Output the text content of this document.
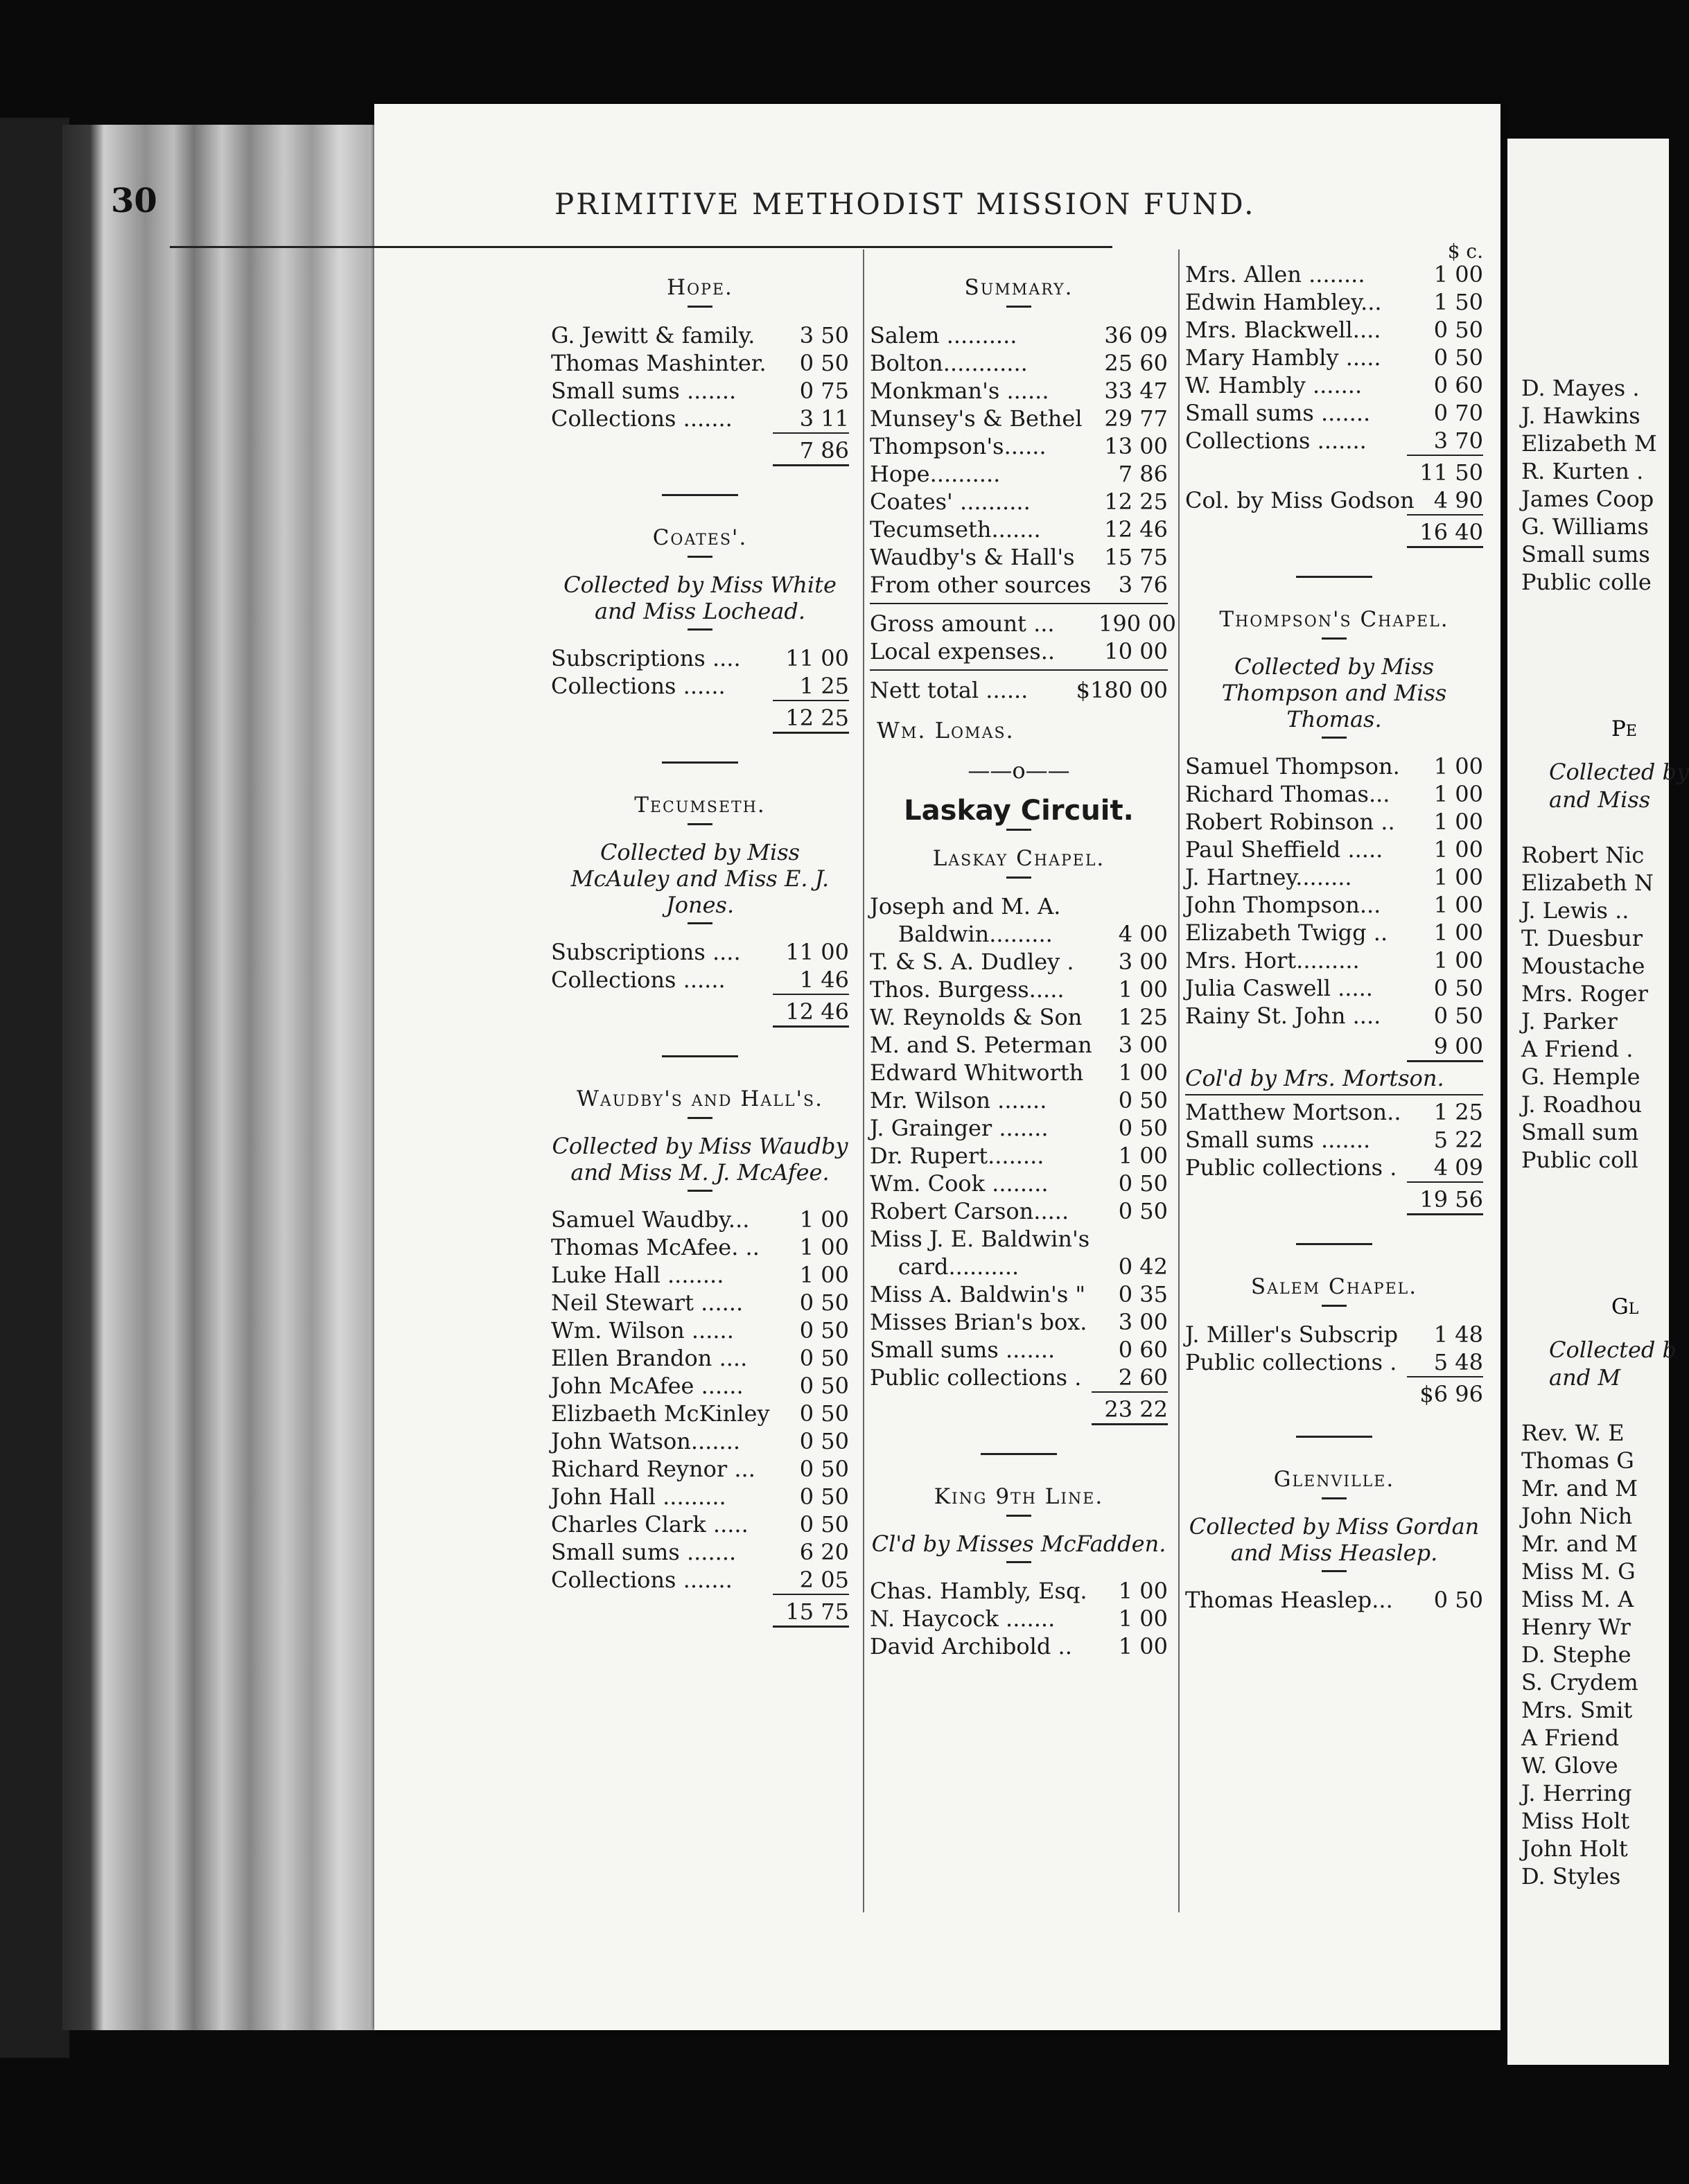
30	PRIMITIVE METHODIST MISSION FUND.
Hope.
G. Jewitt & family.	3 50
Thomas Mashinter.	0 50
Small sums .......	0 75
Collections .......	3 11
7 86
Coates'.
Collected by Miss White and Miss Lochead.
Subscriptions .... 11 00
Collections ......	1 25
12 25
Tecumseth.
Collected by Miss McAuley and Miss E. J. Jones.
Subscriptions .... 11 00
Collections ......	1 46
12 46
Waudby's and Hall's.
Collected by Miss Waudby and Miss M. J. McAfee.
Samuel Waudby...	1 00
Thomas McAfee. ..	1 00
Luke Hall ........	1 00
Neil Stewart ......	0 50
Wm. Wilson ......	0 50
Ellen Brandon ....	0 50
John McAfee ......	0 50
Elizbaeth McKinley	0 50
John Watson.......	0 50
Richard Reynor ...	0 50
John Hall .........	0 50
Charles Clark .....	0 50
Small sums .......	6 20
Collections .......	2 05
15 75
Summary.
Salem ..........	36 09
Bolton............	25 60
Monkman's ...... 33 47
Munsey's & Bethel 29 77
Thompson's......	13 00
Hope..........	7 86
Coates' ..........	12 25
Tecumseth.......	12 46
Waudby's & Hall's 15 75
From other sources	3 76
Gross amount ... 190 00
Local expenses.. 10 00
Nett total ...... $180 00
Wm. Lomas.
——o——
Laskay Circuit.
Laskay Chapel.
Joseph and M. A.
Baldwin.........	4 00
T. & S. A. Dudley .	3 00
Thos. Burgess.....	1 00
W. Reynolds & Son	1 25
M. and S. Peterman	3 00
Edward Whitworth	1 00
Mr. Wilson .......	0 50
J. Grainger .......	0 50
Dr. Rupert........	1 00
Wm. Cook ........	0 50
Robert Carson.....	0 50
Miss J. E. Baldwin's
card..........	0 42
Miss A. Baldwin's "	0 35
Misses Brian's box.	3 00
Small sums .......	0 60
Public collections .	2 60
23 22
King 9th Line.
Cl'd by Misses McFadden.
Chas. Hambly, Esq.	1 00
N. Haycock .......	1 00
David Archibold ..	1 00
$ c.
Mrs. Allen ........	1 00
Edwin Hambley...	1 50
Mrs. Blackwell....	0 50
Mary Hambly .....	0 50
W. Hambly .......	0 60
Small sums .......	0 70
Collections .......	3 70
11 50
Col. by Miss Godson 4 90
16 40
Thompson's Chapel.
Collected by Miss Thompson and Miss Thomas.
Samuel Thompson.	1 00
Richard Thomas...	1 00
Robert Robinson ..	1 00
Paul Sheffield .....	1 00
J. Hartney........	1 00
John Thompson...	1 00
Elizabeth Twigg ..	1 00
Mrs. Hort.........	1 00
Julia Caswell .....	0 50
Rainy St. John ....	0 50
9 00
Col'd by Mrs. Mortson.
Matthew Mortson..	1 25
Small sums .......	5 22
Public collections .	4 09
19 56
Salem Chapel.
J. Miller's Subscrip	1 48
Public collections .	5 48
$6 96
Glenville.
Collected by Miss Gordan and Miss Heaslep.
Thomas Heaslep...	0 50
D. Mayes .
J. Hawkins
Elizabeth M
R. Kurten .
James Coop
G. Williams
Small sums
Public colle
Pe
Collected by
and Miss
Robert Nic
Elizabeth N
J. Lewis ..
T. Duesbur
Moustache
Mrs. Roger
J. Parker
A Friend .
G. Hemple
J. Roadhou
Small sum
Public coll
Gl
Collected b
and M
Rev. W. E
Thomas G
Mr. and M
John Nich
Mr. and M
Miss M. G
Miss M. A
Henry Wr
D. Stephe
S. Crydem
Mrs. Smit
A Friend
W. Glove
J. Herring
Miss Holt
John Holt
D. Styles
